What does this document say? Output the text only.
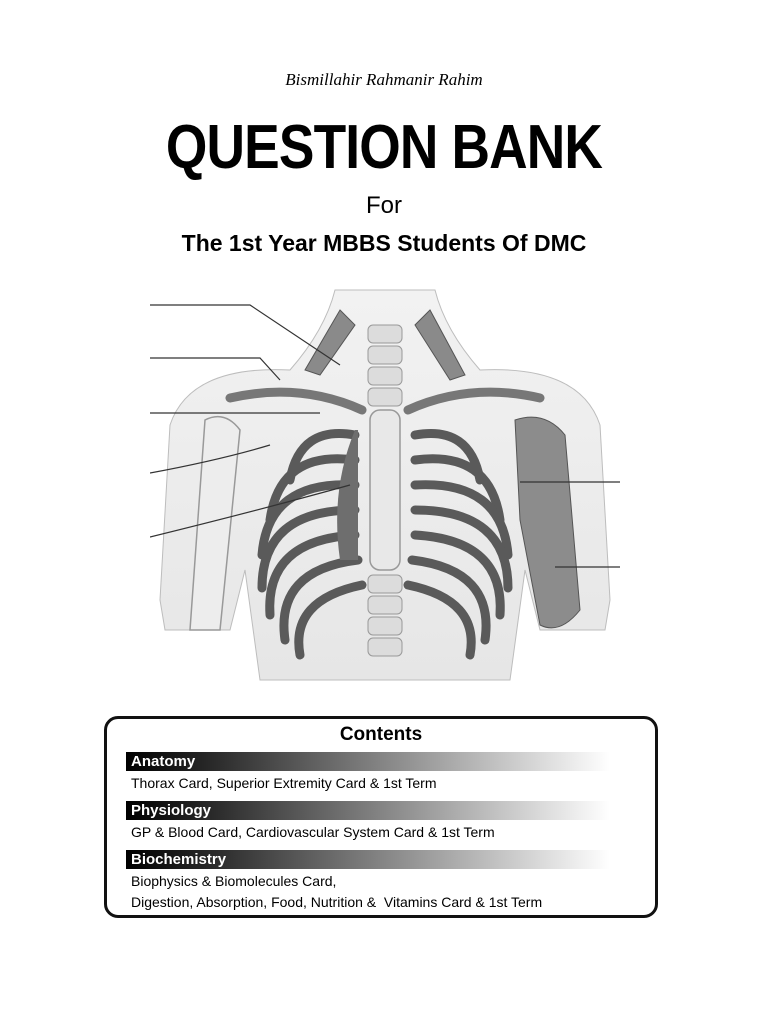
Bismillahir Rahmanir Rahim
QUESTION BANK
For
The 1st Year MBBS Students Of DMC
Contents
Anatomy
Thorax Card, Superior Extremity Card & 1st Term
Physiology
GP & Blood Card, Cardiovascular System Card & 1st Term
Biochemistry
Biophysics & Biomolecules Card,
Digestion, Absorption, Food, Nutrition &  Vitamins Card & 1st Term
